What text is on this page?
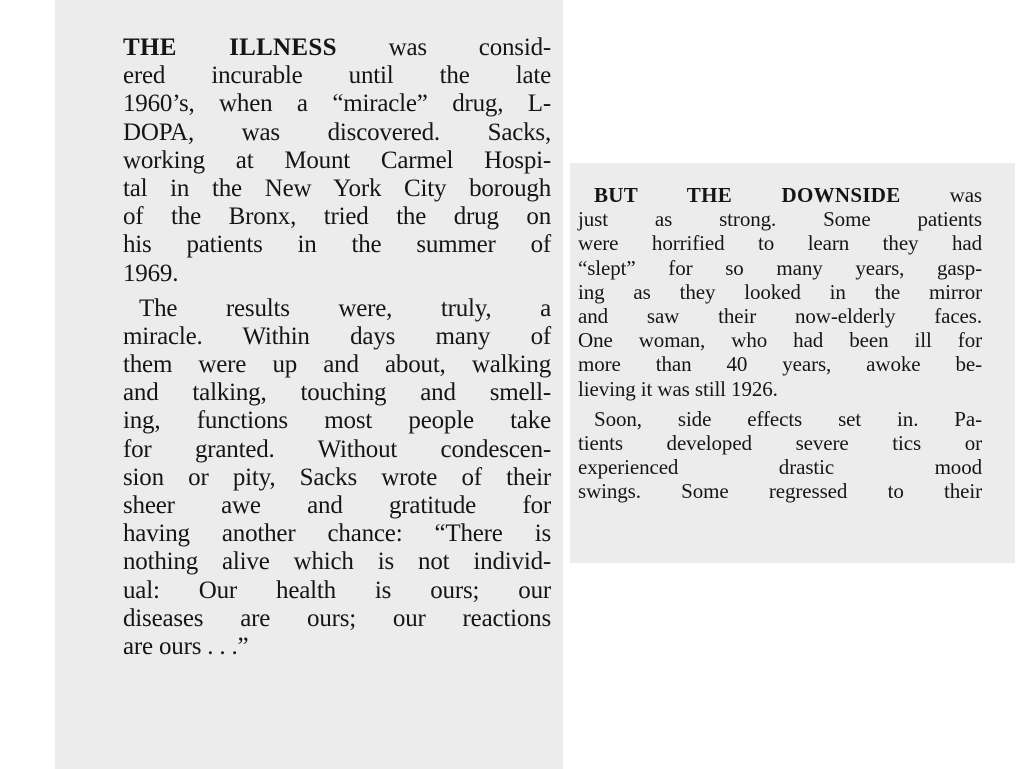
THE ILLNESS was consid-
ered incurable until the late
1960’s, when a “miracle” drug, L-
DOPA, was discovered. Sacks,
working at Mount Carmel Hospi-
tal in the New York City borough
of the Bronx, tried the drug on
his patients in the summer of
1969.
The results were, truly, a
miracle. Within days many of
them were up and about, walking
and talking, touching and smell-
ing, functions most people take
for granted. Without condescen-
sion or pity, Sacks wrote of their
sheer awe and gratitude for
having another chance: “There is
nothing alive which is not individ-
ual: Our health is ours; our
diseases are ours; our reactions
are ours . . .”
BUT THE DOWNSIDE was
just as strong. Some patients
were horrified to learn they had
“slept” for so many years, gasp-
ing as they looked in the mirror
and saw their now-elderly faces.
One woman, who had been ill for
more than 40 years, awoke be-
lieving it was still 1926.
Soon, side effects set in. Pa-
tients developed severe tics or
experienced drastic mood
swings. Some regressed to their
